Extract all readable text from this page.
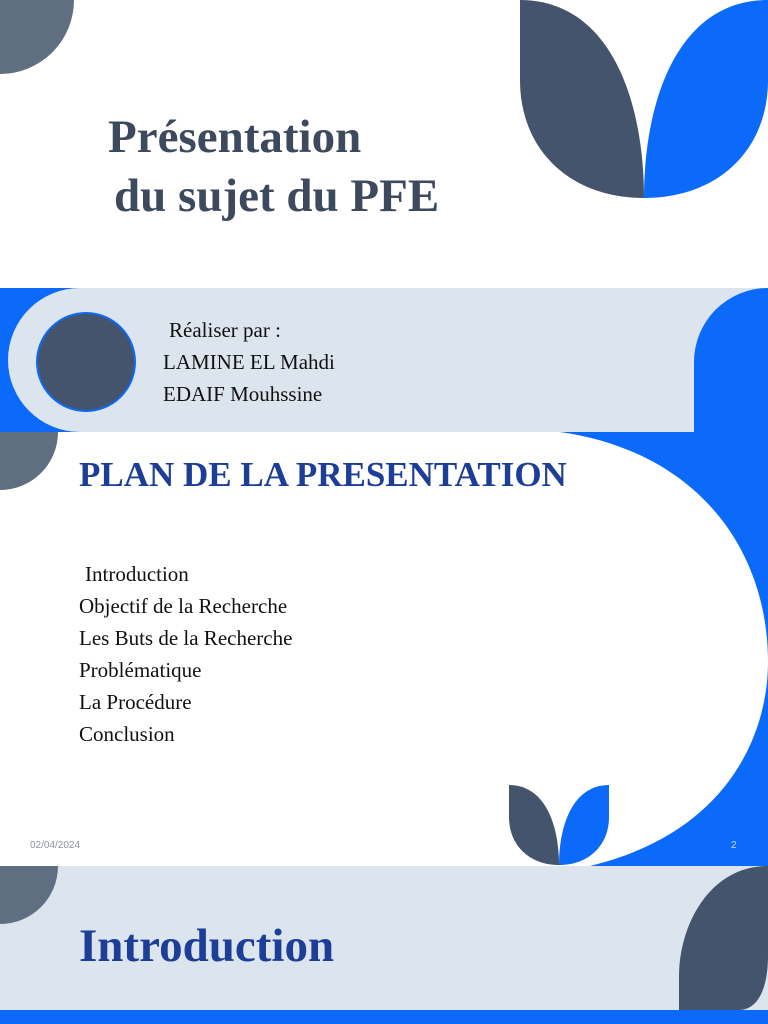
Présentation
du sujet du PFE
Réaliser par :
LAMINE EL Mahdi
EDAIF Mouhssine
PLAN DE LA PRESENTATION
Introduction
Objectif de la Recherche
Les Buts de la Recherche
Problématique
La Procédure
Conclusion
02/04/2024	2
Introduction
